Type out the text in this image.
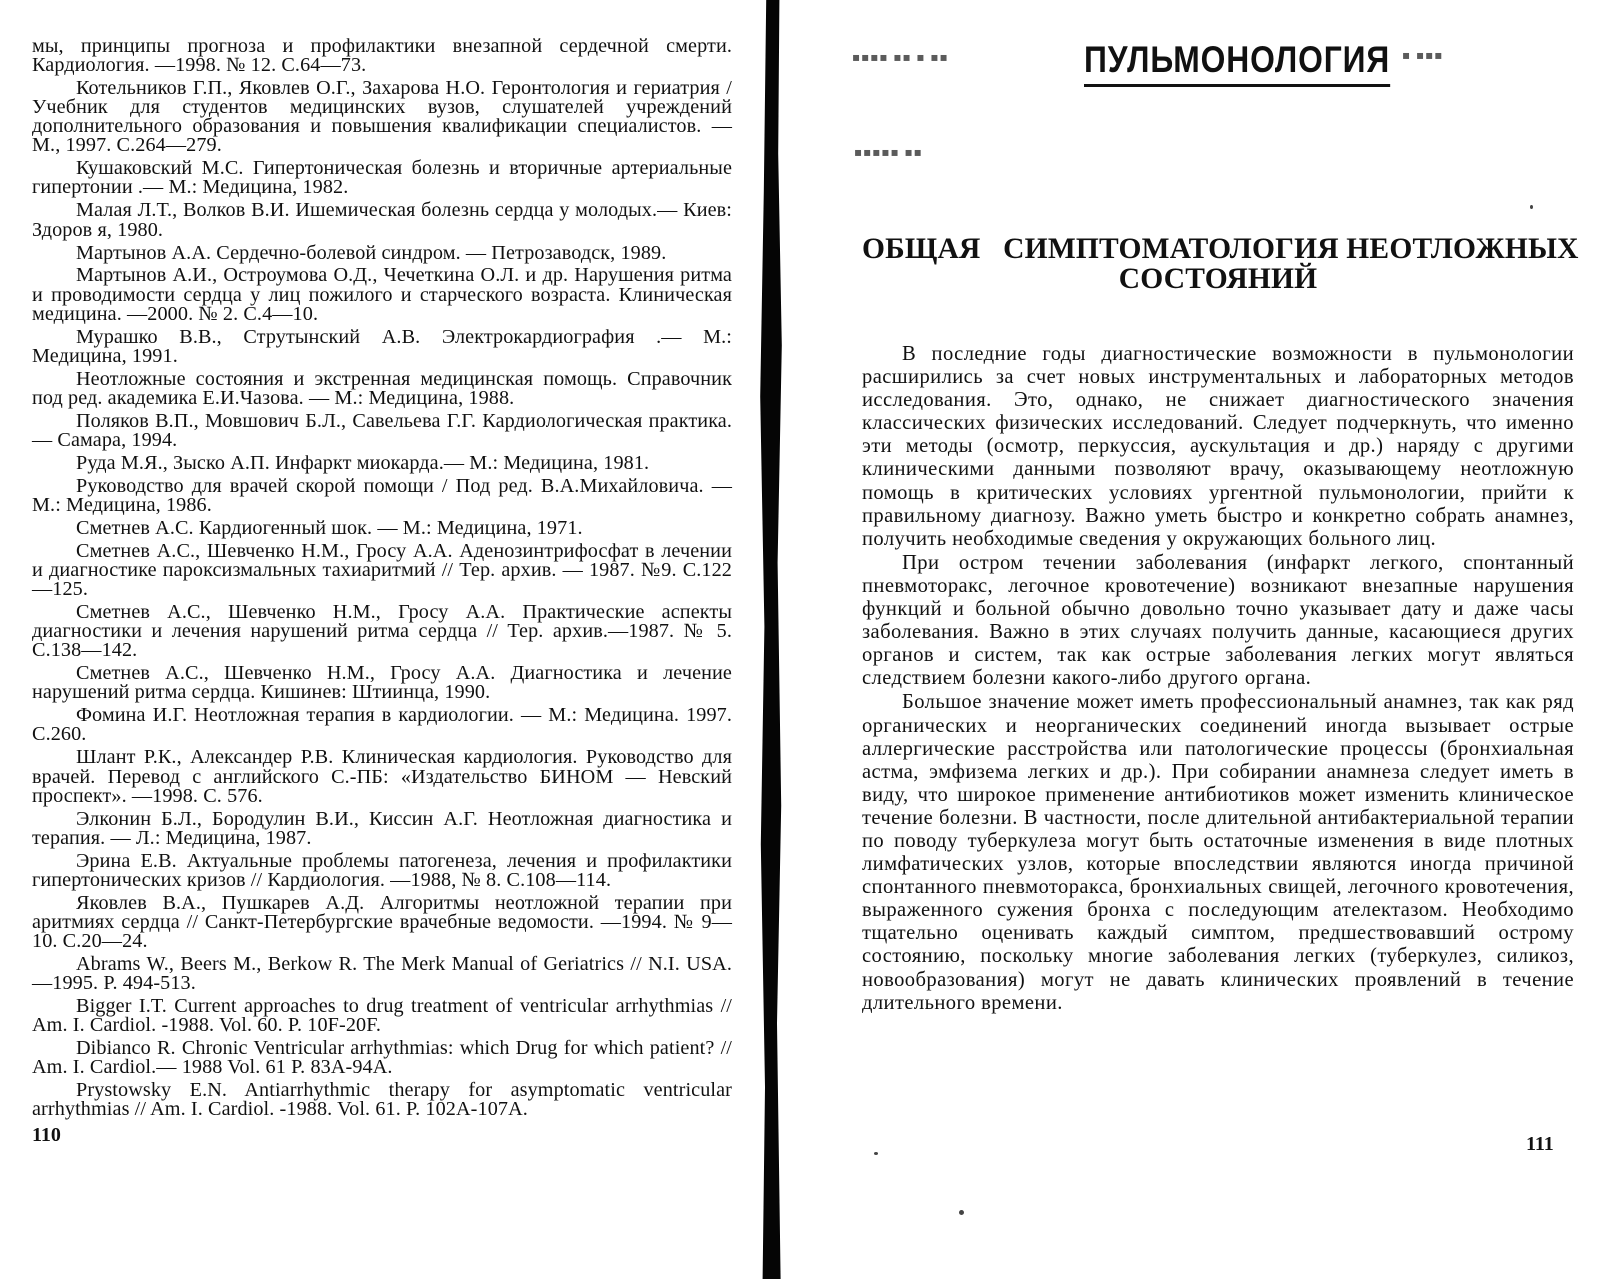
мы, принципы прогноза и профилактики внезапной сердечной смерти. Кардиология. —1998. № 12. С.64—73.

Котельников Г.П., Яковлев О.Г., Захарова Н.О. Геронтология и гериатрия / Учебник для студентов медицинских вузов, слушателей учреждений дополнительного образования и повышения квалификации специалистов. — М., 1997. С.264—279.

Кушаковский М.С. Гипертоническая болезнь и вторичные артериальные гипертонии .— М.: Медицина, 1982.

Малая Л.Т., Волков В.И. Ишемическая болезнь сердца у молодых.— Киев: Здоров я, 1980.

Мартынов А.А. Сердечно-болевой синдром. — Петрозаводск, 1989.

Мартынов А.И., Остроумова О.Д., Чечеткина О.Л. и др. Нарушения ритма и проводимости сердца у лиц пожилого и старческого возраста. Клиническая медицина. —2000. № 2. С.4—10.

Мурашко В.В., Струтынский А.В. Электрокардиография .— М.: Медицина, 1991.

Неотложные состояния и экстренная медицинская помощь. Справочник под ред. академика Е.И.Чазова. — М.: Медицина, 1988.

Поляков В.П., Мовшович Б.Л., Савельева Г.Г. Кардиологическая практика. — Самара, 1994.

Руда М.Я., Зыско А.П. Инфаркт миокарда.— М.: Медицина, 1981.

Руководство для врачей скорой помощи / Под ред. В.А.Михайловича. — М.: Медицина, 1986.

Сметнев А.С. Кардиогенный шок. — М.: Медицина, 1971.

Сметнев А.С., Шевченко Н.М., Гросу А.А. Аденозинтрифосфат в лечении и диагностике пароксизмальных тахиаритмий // Тер. архив. — 1987. №9. С.122—125.

Сметнев А.С., Шевченко Н.М., Гросу А.А. Практические аспекты диагностики и лечения нарушений ритма сердца // Тер. архив.—1987. № 5. С.138—142.

Сметнев А.С., Шевченко Н.М., Гросу А.А. Диагностика и лечение нарушений ритма сердца. Кишинев: Штиинца, 1990.

Фомина И.Г. Неотложная терапия в кардиологии. — М.: Медицина. 1997. С.260.

Шлант Р.К., Александер Р.В. Клиническая кардиология. Руководство для врачей. Перевод с английского С.-ПБ: «Издательство БИНОМ — Невский проспект». —1998. С. 576.

Элконин Б.Л., Бородулин В.И., Киссин А.Г. Неотложная диагностика и терапия. — Л.: Медицина, 1987.

Эрина Е.В. Актуальные проблемы патогенеза, лечения и профилактики гипертонических кризов // Кардиология. —1988, № 8. С.108—114.

Яковлев В.А., Пушкарев А.Д. Алгоритмы неотложной терапии при аритмиях сердца // Санкт-Петербургские врачебные ведомости. —1994. № 9—10. С.20—24.

Abrams W., Beers M., Berkow R. The Merk Manual of Geriatrics // N.I. USA. —1995. P. 494-513.

Bigger I.T. Current approaches to drug treatment of ventricular arrhythmias // Am. I. Cardiol. -1988. Vol. 60. P. 10F-20F.

Dibianco R. Chronic Ventricular arrhythmias: which Drug for which patient? // Am. I. Cardiol.— 1988 Vol. 61 P. 83A-94A.

Prystowsky E.N. Antiarrhythmic therapy for asymptomatic ventricular arrhythmias // Am. I. Cardiol. -1988. Vol. 61. P. 102A-107A.

110
▪▪▪▪ ▪▪ ▪ ▪▪
▪▪▪▪▪ ▪▪
▪ ▪▪▪
ПУЛЬМОНОЛОГИЯ
ОБЩАЯ   СИМПТОМАТОЛОГИЯ НЕОТЛОЖНЫХ
СОСТОЯНИЙ

В последние годы диагностические возможности в пульмонологии расширились за счет новых инструментальных и лабораторных методов исследования. Это, однако, не снижает диагностического значения классических физических исследований. Следует подчеркнуть, что именно эти методы (осмотр, перкуссия, аускультация и др.) наряду с другими клиническими данными позволяют врачу, оказывающему неотложную помощь в критических условиях ургентной пульмонологии, прийти к правильному диагнозу. Важно уметь быстро и конкретно собрать анамнез, получить необходимые сведения у окружающих больного лиц.

При остром течении заболевания (инфаркт легкого, спонтанный пневмоторакс, легочное кровотечение) возникают внезапные нарушения функций и больной обычно довольно точно указывает дату и даже часы заболевания. Важно в этих случаях получить данные, касающиеся других органов и систем, так как острые заболевания легких могут являться следствием болезни какого-либо другого органа.

Большое значение может иметь профессиональный анамнез, так как ряд органических и неорганических соединений иногда вызывает острые аллергические расстройства или патологические процессы (бронхиальная астма, эмфизема легких и др.). При собирании анамнеза следует иметь в виду, что широкое применение антибиотиков может изменить клиническое течение болезни. В частности, после длительной антибактериальной терапии по поводу туберкулеза могут быть остаточные изменения в виде плотных лимфатических узлов, которые впоследствии являются иногда причиной спонтанного пневмоторакса, бронхиальных свищей, легочного кровотечения, выраженного сужения бронха с последующим ателектазом. Необходимо тщательно оценивать каждый симптом, предшествовавший острому состоянию, поскольку многие заболевания легких (туберкулез, силикоз, новообразования) могут не давать клинических проявлений в течение длительного времени.

111
